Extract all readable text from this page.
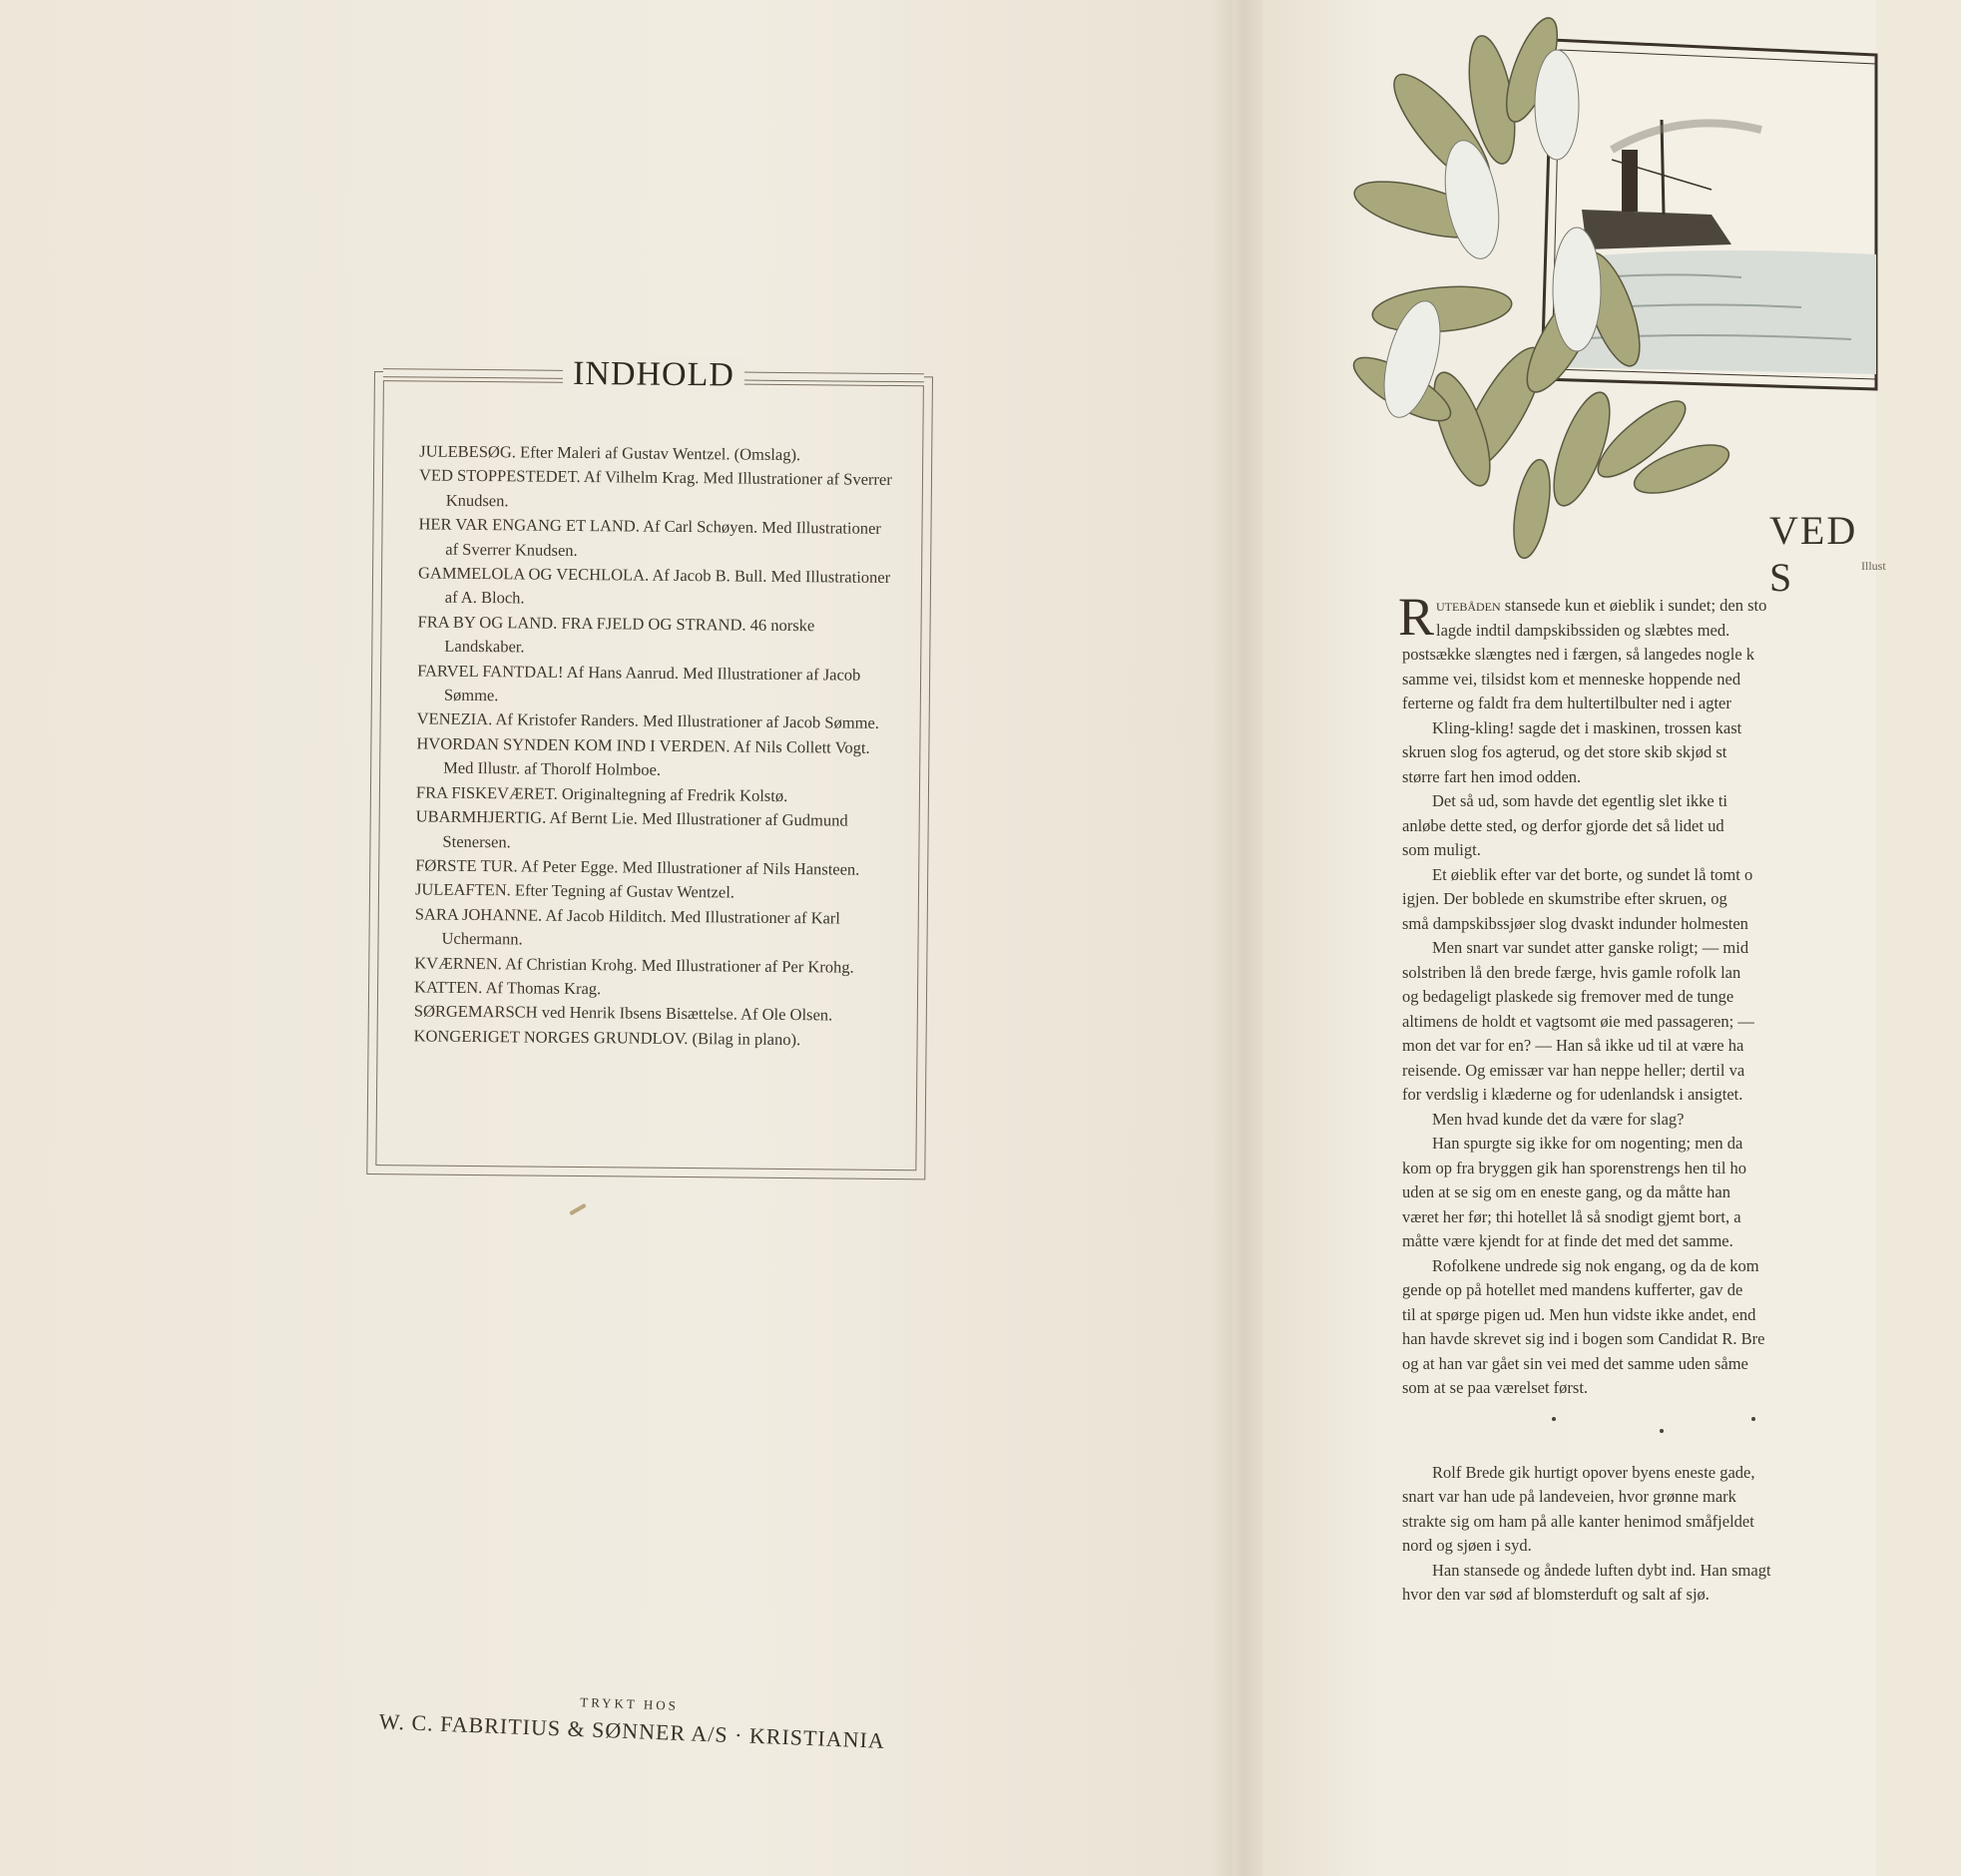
INDHOLD

JULEBESØG. Efter Maleri af Gustav Wentzel. (Omslag).

VED STOPPESTEDET. Af Vilhelm Krag. Med Illustrationer af Sverrer Knudsen.

HER VAR ENGANG ET LAND. Af Carl Schøyen. Med Illustrationer af Sverrer Knudsen.

GAMMELOLA OG VECHLOLA. Af Jacob B. Bull. Med Illustrationer af A. Bloch.

FRA BY OG LAND. FRA FJELD OG STRAND. 46 norske Landskaber.

FARVEL FANTDAL! Af Hans Aanrud. Med Illustrationer af Jacob Sømme.

VENEZIA. Af Kristofer Randers. Med Illustrationer af Jacob Sømme.

HVORDAN SYNDEN KOM IND I VERDEN. Af Nils Collett Vogt. Med Illustr. af Thorolf Holmboe.

FRA FISKEVÆRET. Originaltegning af Fredrik Kolstø.

UBARMHJERTIG. Af Bernt Lie. Med Illustrationer af Gudmund Stenersen.

FØRSTE TUR. Af Peter Egge. Med Illustrationer af Nils Hansteen.

JULEAFTEN. Efter Tegning af Gustav Wentzel.

SARA JOHANNE. Af Jacob Hilditch. Med Illustrationer af Karl Uchermann.

KVÆRNEN. Af Christian Krohg. Med Illustrationer af Per Krohg.

KATTEN. Af Thomas Krag.

SØRGEMARSCH ved Henrik Ibsens Bisættelse. Af Ole Olsen.

KONGERIGET NORGES GRUNDLOV. (Bilag in plano).

TRYKT HOS
W. C. FABRITIUS & SØNNER A/S · KRISTIANIA
VED S	Illust

R utebåden stansede kun et øieblik i sundet; den sto

lagde indtil dampskibssiden og slæbtes med.

postsække slængtes ned i færgen, så langedes nogle k

samme vei, tilsidst kom et menneske hoppende ned

ferterne og faldt fra dem hultertilbulter ned i agter

Kling-kling! sagde det i maskinen, trossen kast

skruen slog fos agterud, og det store skib skjød st

større fart hen imod odden.

Det så ud, som havde det egentlig slet ikke ti

anløbe dette sted, og derfor gjorde det så lidet ud

som muligt.

Et øieblik efter var det borte, og sundet lå tomt o

igjen. Der boblede en skumstribe efter skruen, og

små dampskibssjøer slog dvaskt indunder holmesten

Men snart var sundet atter ganske roligt; — mid

solstriben lå den brede færge, hvis gamle rofolk lan

og bedageligt plaskede sig fremover med de tunge

altimens de holdt et vagtsomt øie med passageren; —

mon det var for en? — Han så ikke ud til at være ha

reisende. Og emissær var han neppe heller; dertil va

for verdslig i klæderne og for udenlandsk i ansigtet.

Men hvad kunde det da være for slag?

Han spurgte sig ikke for om nogenting; men da

kom op fra bryggen gik han sporenstrengs hen til ho

uden at se sig om en eneste gang, og da måtte han

været her før; thi hotellet lå så snodigt gjemt bort, a

måtte være kjendt for at finde det med det samme.

Rofolkene undrede sig nok engang, og da de kom

gende op på hotellet med mandens kufferter, gav de

til at spørge pigen ud. Men hun vidste ikke andet, end

han havde skrevet sig ind i bogen som Candidat R. Bre

og at han var gået sin vei med det samme uden såme

som at se paa værelset først.

Rolf Brede gik hurtigt opover byens eneste gade,

snart var han ude på landeveien, hvor grønne mark

strakte sig om ham på alle kanter henimod småfjeldet

nord og sjøen i syd.

Han stansede og åndede luften dybt ind. Han smagt

hvor den var sød af blomsterduft og salt af sjø.
